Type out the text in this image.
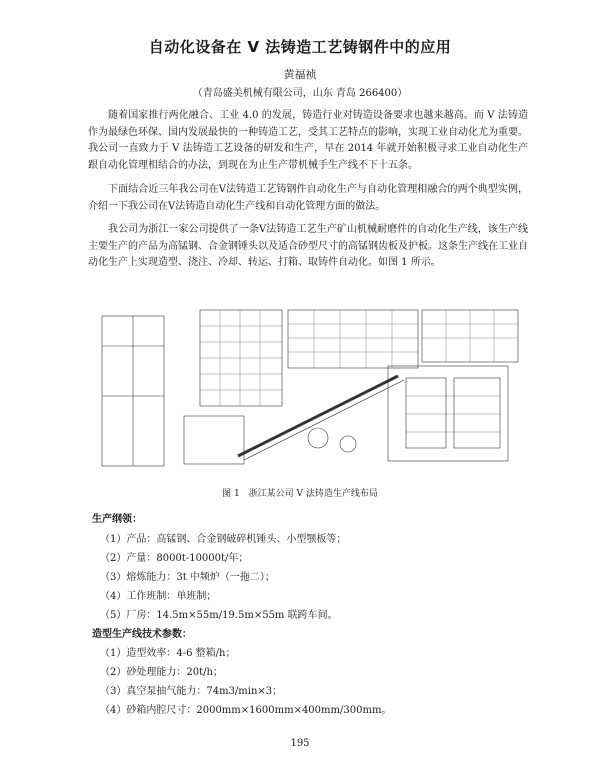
自动化设备在 V 法铸造工艺铸钢件中的应用
黄福祯
（青岛盛美机械有限公司，山东 青岛 266400）

随着国家推行两化融合、工业 4.0 的发展，铸造行业对铸造设备要求也越来越高。而 V 法铸造作为最绿色环保、国内发展最快的一种铸造工艺，受其工艺特点的影响，实现工业自动化尤为重要。我公司一直致力于 V 法铸造工艺设备的研发和生产，早在 2014 年就开始积极寻求工业自动化生产跟自动化管理相结合的办法，到现在为止生产带机械手生产线不下十五条。

下面结合近三年我公司在V法铸造工艺铸钢件自动化生产与自动化管理相融合的两个典型实例，介绍一下我公司在V法铸造自动化生产线和自动化管理方面的做法。

我公司为浙江一家公司提供了一条V法铸造工艺生产矿山机械耐磨件的自动化生产线，该生产线主要生产的产品为高锰钢、合金钢锤头以及适合砂型尺寸的高锰钢齿板及护板。这条生产线在工业自动化生产上实现造型、浇注、冷却、转运、打箱、取铸件自动化。如图 1 所示。

图 1　浙江某公司 V 法铸造生产线布局
生产纲领：
（1）产品：高锰钢、合金钢破碎机锤头、小型颚板等；
（2）产量：8000t-10000t/年；
（3）熔炼能力：3t 中频炉（一拖二）；
（4）工作班制：单班制；
（5）厂房：14.5m×55m/19.5m×55m 联跨车间。
造型生产线技术参数：
（1）造型效率：4-6 整箱/h；
（2）砂处理能力：20t/h；
（3）真空泵抽气能力：74m3/min×3；
（4）砂箱内腔尺寸：2000mm×1600mm×400mm/300mm。
195
